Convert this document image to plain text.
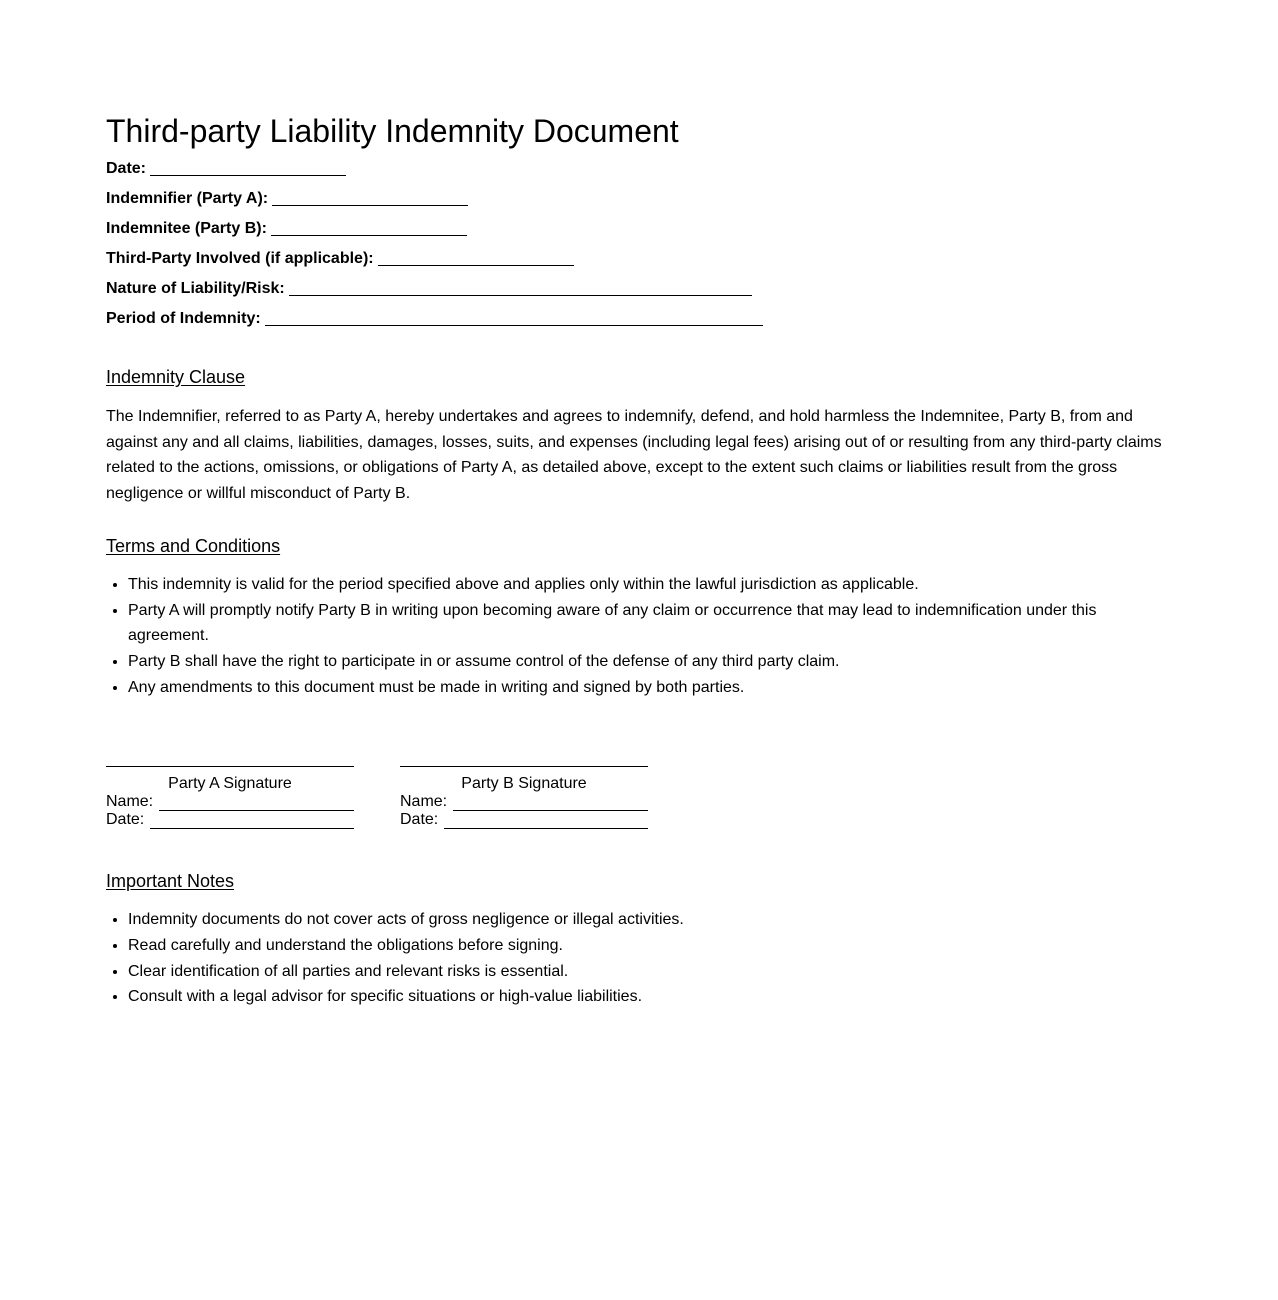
Third-party Liability Indemnity Document
Date:
Indemnifier (Party A):
Indemnitee (Party B):
Third-Party Involved (if applicable):
Nature of Liability/Risk:
Period of Indemnity:
Indemnity Clause

The Indemnifier, referred to as Party A, hereby undertakes and agrees to indemnify, defend, and hold harmless the Indemnitee, Party B, from and against any and all claims, liabilities, damages, losses, suits, and expenses (including legal fees) arising out of or resulting from any third-party claims related to the actions, omissions, or obligations of Party A, as detailed above, except to the extent such claims or liabilities result from the gross negligence or willful misconduct of Party B.

Terms and Conditions
• This indemnity is valid for the period specified above and applies only within the lawful jurisdiction as applicable.
• Party A will promptly notify Party B in writing upon becoming aware of any claim or occurrence that may lead to indemnification under this agreement.
• Party B shall have the right to participate in or assume control of the defense of any third party claim.
• Any amendments to this document must be made in writing and signed by both parties.
Party A Signature
Name:
Date:
Party B Signature
Name:
Date:
Important Notes
• Indemnity documents do not cover acts of gross negligence or illegal activities.
• Read carefully and understand the obligations before signing.
• Clear identification of all parties and relevant risks is essential.
• Consult with a legal advisor for specific situations or high-value liabilities.
